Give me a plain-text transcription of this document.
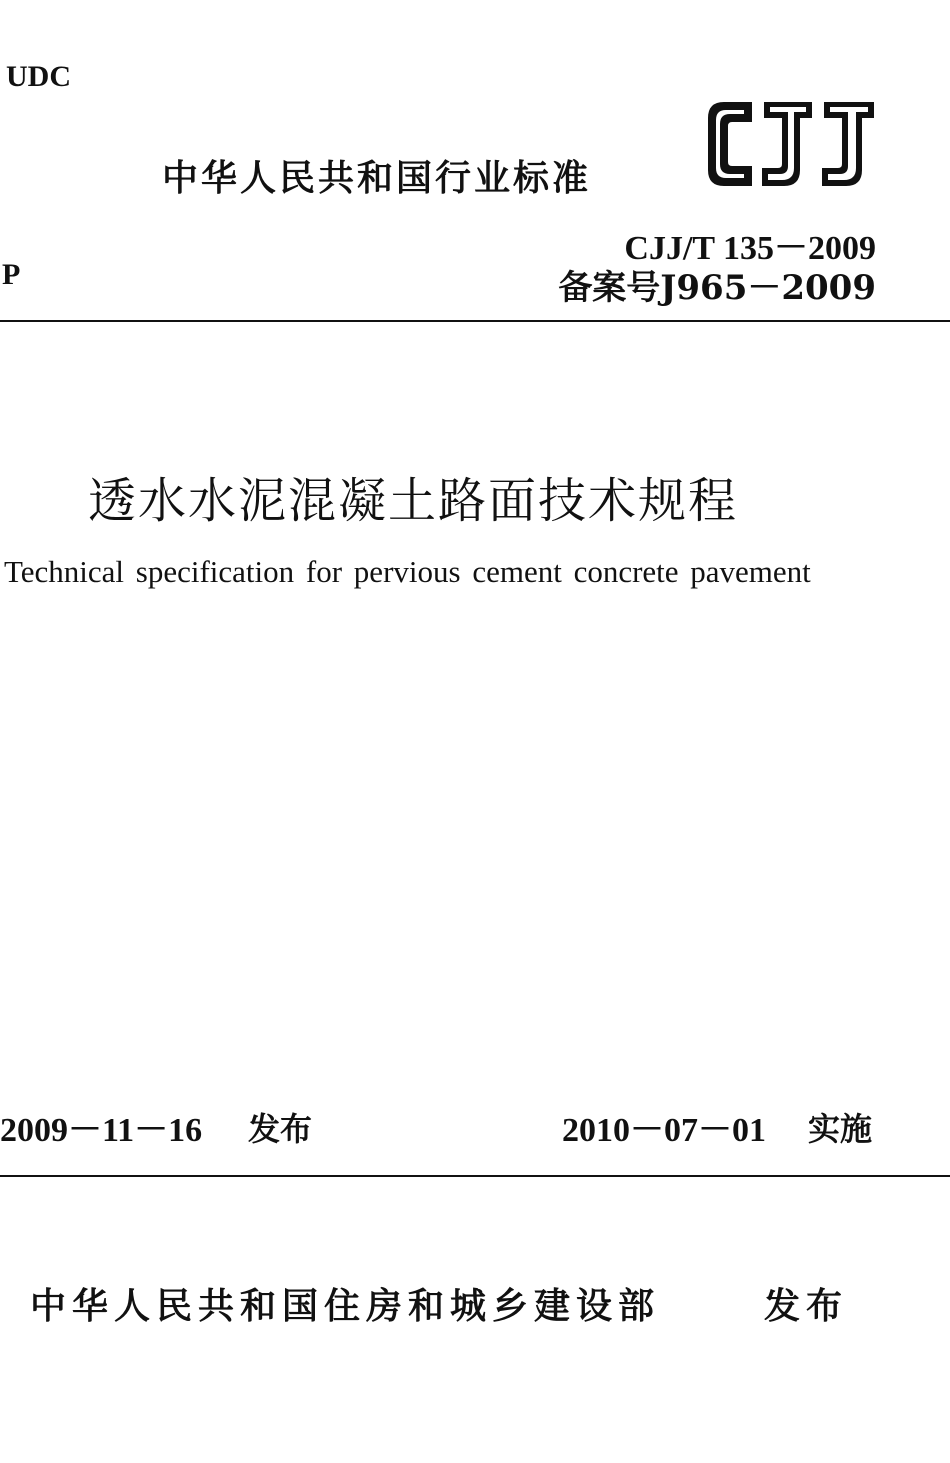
UDC
P
中华人民共和国行业标准
CJJ/T 135－2009
备案号J965－2009
透水水泥混凝土路面技术规程
Technical specification for pervious cement concrete pavement
2009－11－16 发布	2010－07－01 实施
中华人民共和国住房和城乡建设部	发布
